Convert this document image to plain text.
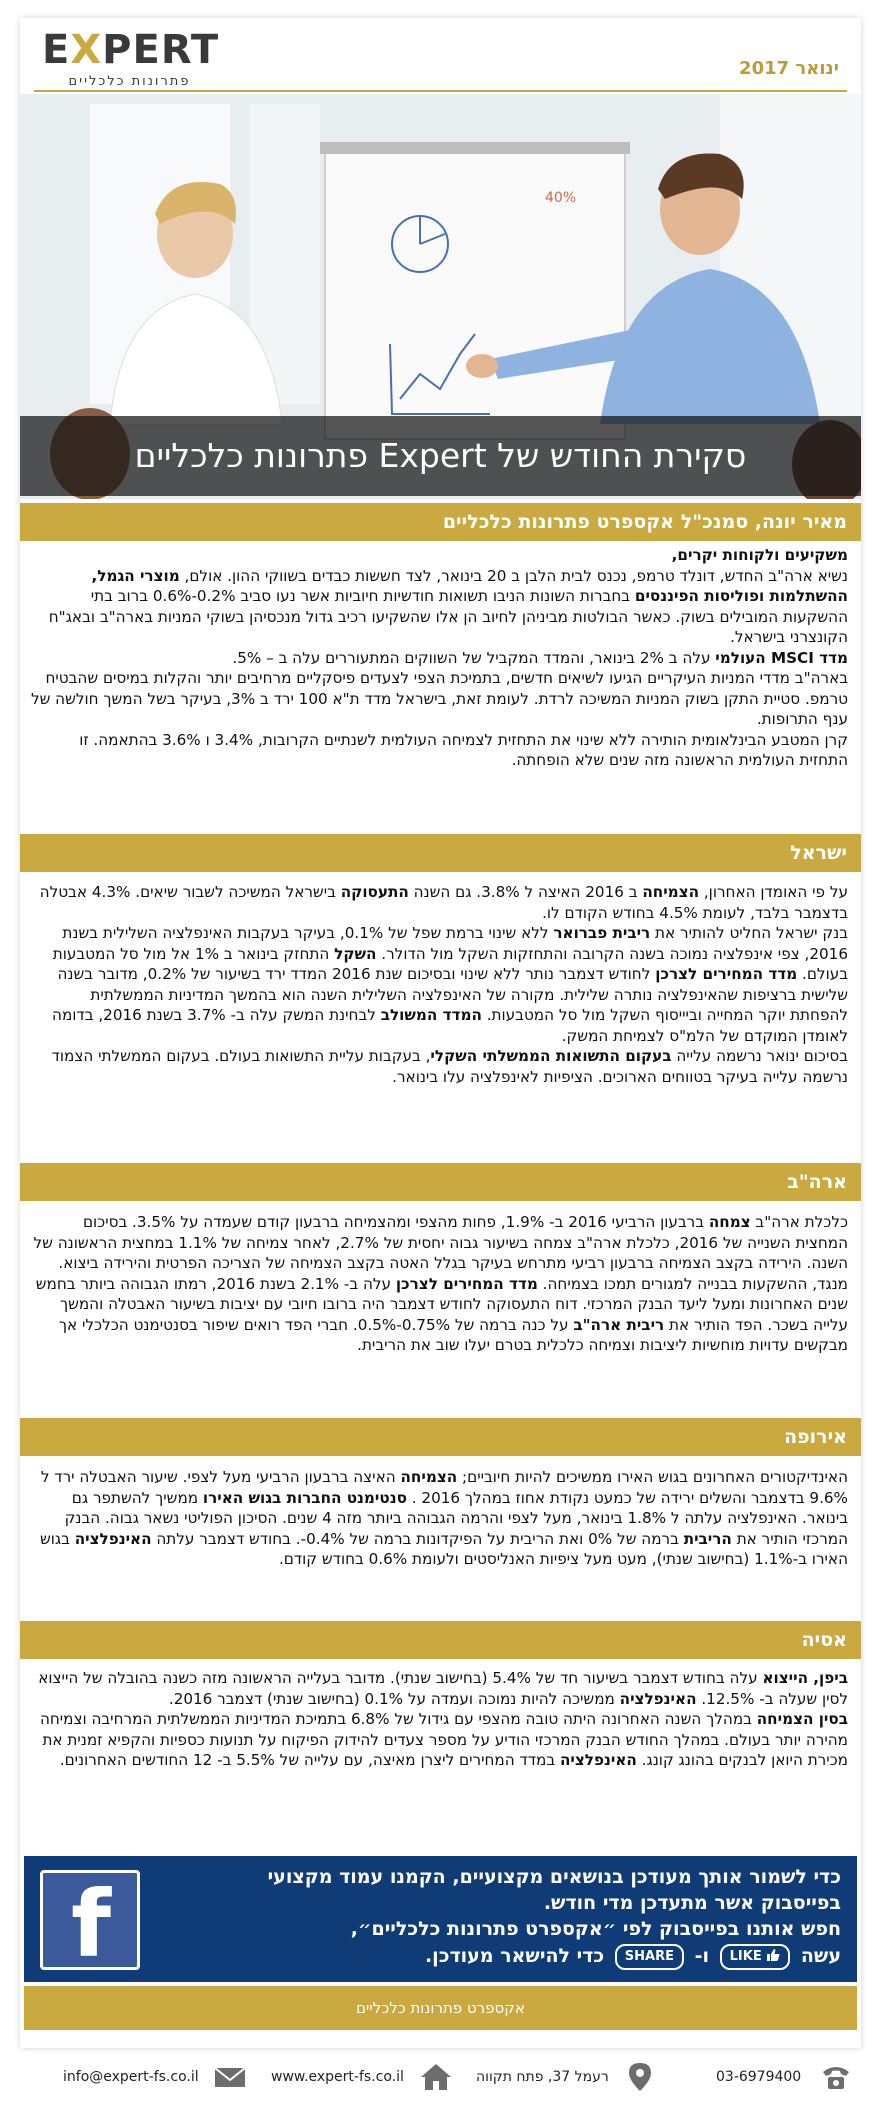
EXPERT
פתרונות כלכליים
ינואר 2017
40%
סקירת החודש של Expert פתרונות כלכליים
מאיר יונה, סמנכ"ל אקספרט פתרונות כלכליים

משקיעים ולקוחות יקרים,

נשיא ארה"ב החדש, דונלד טרמפ, נכנס לבית הלבן ב 20 בינואר, לצד חששות כבדים בשווקי ההון. אולם, מוצרי הגמל, ההשתלמות ופוליסות הפיננסים בחברות השונות הניבו תשואות חודשיות חיוביות אשר נעו סביב 0.2%-0.6% ברוב בתי ההשקעות המובילים בשוק. כאשר הבולטות מביניהן לחיוב הן אלו שהשקיעו רכיב גדול מנכסיהן בשוקי המניות בארה"ב ובאג"ח הקונצרני בישראל.

מדד MSCI העולמי עלה ב 2% בינואר, והמדד המקביל של השווקים המתעוררים עלה ב – 5%.

בארה"ב מדדי המניות העיקריים הגיעו לשיאים חדשים, בתמיכת הצפי לצעדים פיסקליים מרחיבים יותר והקלות במיסים שהבטיח טרמפ. סטיית התקן בשוק המניות המשיכה לרדת. לעומת זאת, בישראל מדד ת"א 100 ירד ב 3%, בעיקר בשל המשך חולשה של ענף התרופות.

קרן המטבע הבינלאומית הותירה ללא שינוי את התחזית לצמיחה העולמית לשנתיים הקרובות, 3.4% ו 3.6% בהתאמה. זו התחזית העולמית הראשונה מזה שנים שלא הופחתה.

ישראל

על פי האומדן האחרון, הצמיחה ב 2016 האיצה ל 3.8%. גם השנה התעסוקה בישראל המשיכה לשבור שיאים. 4.3% אבטלה בדצמבר בלבד, לעומת 4.5% בחודש הקודם לו.

בנק ישראל החליט להותיר את ריבית פברואר ללא שינוי ברמת שפל של 0.1%, בעיקר בעקבות האינפלציה השלילית בשנת 2016, צפי אינפלציה נמוכה בשנה הקרובה והתחזקות השקל מול הדולר. השקל התחזק בינואר ב 1% אל מול סל המטבעות בעולם. מדד המחירים לצרכן לחודש דצמבר נותר ללא שינוי ובסיכום שנת 2016 המדד ירד בשיעור של 0.2%, מדובר בשנה שלישית ברציפות שהאינפלציה נותרה שלילית. מקורה של האינפלציה השלילית השנה הוא בהמשך המדיניות הממשלתית להפחתת יוקר המחייה וביייסוף השקל מול סל המטבעות. המדד המשולב לבחינת המשק עלה ב- 3.7% בשנת 2016, בדומה לאומדן המוקדם של הלמ"ס לצמיחת המשק.

בסיכום ינואר נרשמה עלייה בעקום התשואות הממשלתי השקלי, בעקבות עליית התשואות בעולם. בעקום הממשלתי הצמוד נרשמה עלייה בעיקר בטווחים הארוכים. הציפיות לאינפלציה עלו בינואר.

ארה"ב

כלכלת ארה"ב צמחה ברבעון הרביעי 2016 ב- 1.9%, פחות מהצפי ומהצמיחה ברבעון קודם שעמדה על 3.5%. בסיכום המחצית השנייה של 2016, כלכלת ארה"ב צמחה בשיעור גבוה יחסית של 2.7%, לאחר צמיחה של 1.1% במחצית הראשונה של השנה. הירידה בקצב הצמיחה ברבעון רביעי מתרחש בעיקר בגלל האטה בקצב הצמיחה של הצריכה הפרטית והירידה ביצוא. מנגד, ההשקעות בבנייה למגורים תמכו בצמיחה. מדד המחירים לצרכן עלה ב- 2.1% בשנת 2016, רמתו הגבוהה ביותר בחמש שנים האחרונות ומעל ליעד הבנק המרכזי. דוח התעסוקה לחודש דצמבר היה ברובו חיובי עם יציבות בשיעור האבטלה והמשך עלייה בשכר. הפד הותיר את ריבית ארה"ב על כנה ברמה של 0.75%-0.5%. חברי הפד רואים שיפור בסנטימנט הכלכלי אך מבקשים עדויות מוחשיות ליציבות וצמיחה כלכלית בטרם יעלו שוב את הריבית.

אירופה

האינדיקטורים האחרונים בגוש האירו ממשיכים להיות חיוביים; הצמיחה האיצה ברבעון הרביעי מעל לצפי. שיעור האבטלה ירד ל 9.6% בדצמבר והשלים ירידה של כמעט נקודת אחוז במהלך 2016 . סנטימנט החברות בגוש האירו ממשיך להשתפר גם בינואר. האינפלציה עלתה ל 1.8% בינואר, מעל לצפי והרמה הגבוהה ביותר מזה 4 שנים. הסיכון הפוליטי נשאר גבוה. הבנק המרכזי הותיר את הריבית ברמה של 0% ואת הריבית על הפיקדונות ברמה של 0.4%-. בחודש דצמבר עלתה האינפלציה בגוש האירו ב-1.1% (בחישוב שנתי), מעט מעל ציפיות האנליסטים ולעומת 0.6% בחודש קודם.

אסיה

ביפן, הייצוא עלה בחודש דצמבר בשיעור חד של 5.4% (בחישוב שנתי). מדובר בעלייה הראשונה מזה כשנה בהובלה של הייצוא לסין שעלה ב- 12.5%. האינפלציה ממשיכה להיות נמוכה ועמדה על 0.1% (בחישוב שנתי) דצמבר 2016.

בסין הצמיחה במהלך השנה האחרונה היתה טובה מהצפי עם גידול של 6.8% בתמיכת המדיניות הממשלתית המרחיבה וצמיחה מהירה יותר בעולם. במהלך החודש הבנק המרכזי הודיע על מספר צעדים להידוק הפיקוח על תנועות כספיות והקפיא זמנית את מכירת היואן לבנקים בהונג קונג. האינפלציה במדד המחירים ליצרן מאיצה, עם עלייה של 5.5% ב- 12 החודשים האחרונים.

f	כדי לשמור אותך מעודכן בנושאים מקצועיים, הקמנו עמוד מקצועי

בפייסבוק אשר מתעדכן מדי חודש.

חפש אותנו בפייסבוק לפי ״אקספרט פתרונות כלכליים״,

עשה  LIKE ו- SHARE כדי להישאר מעודכן.
אקספרט פתרונות כלכליים
info@expert-fs.co.il	www.expert-fs.co.il	רעמל 37, פתח תקווה	03-6979400
